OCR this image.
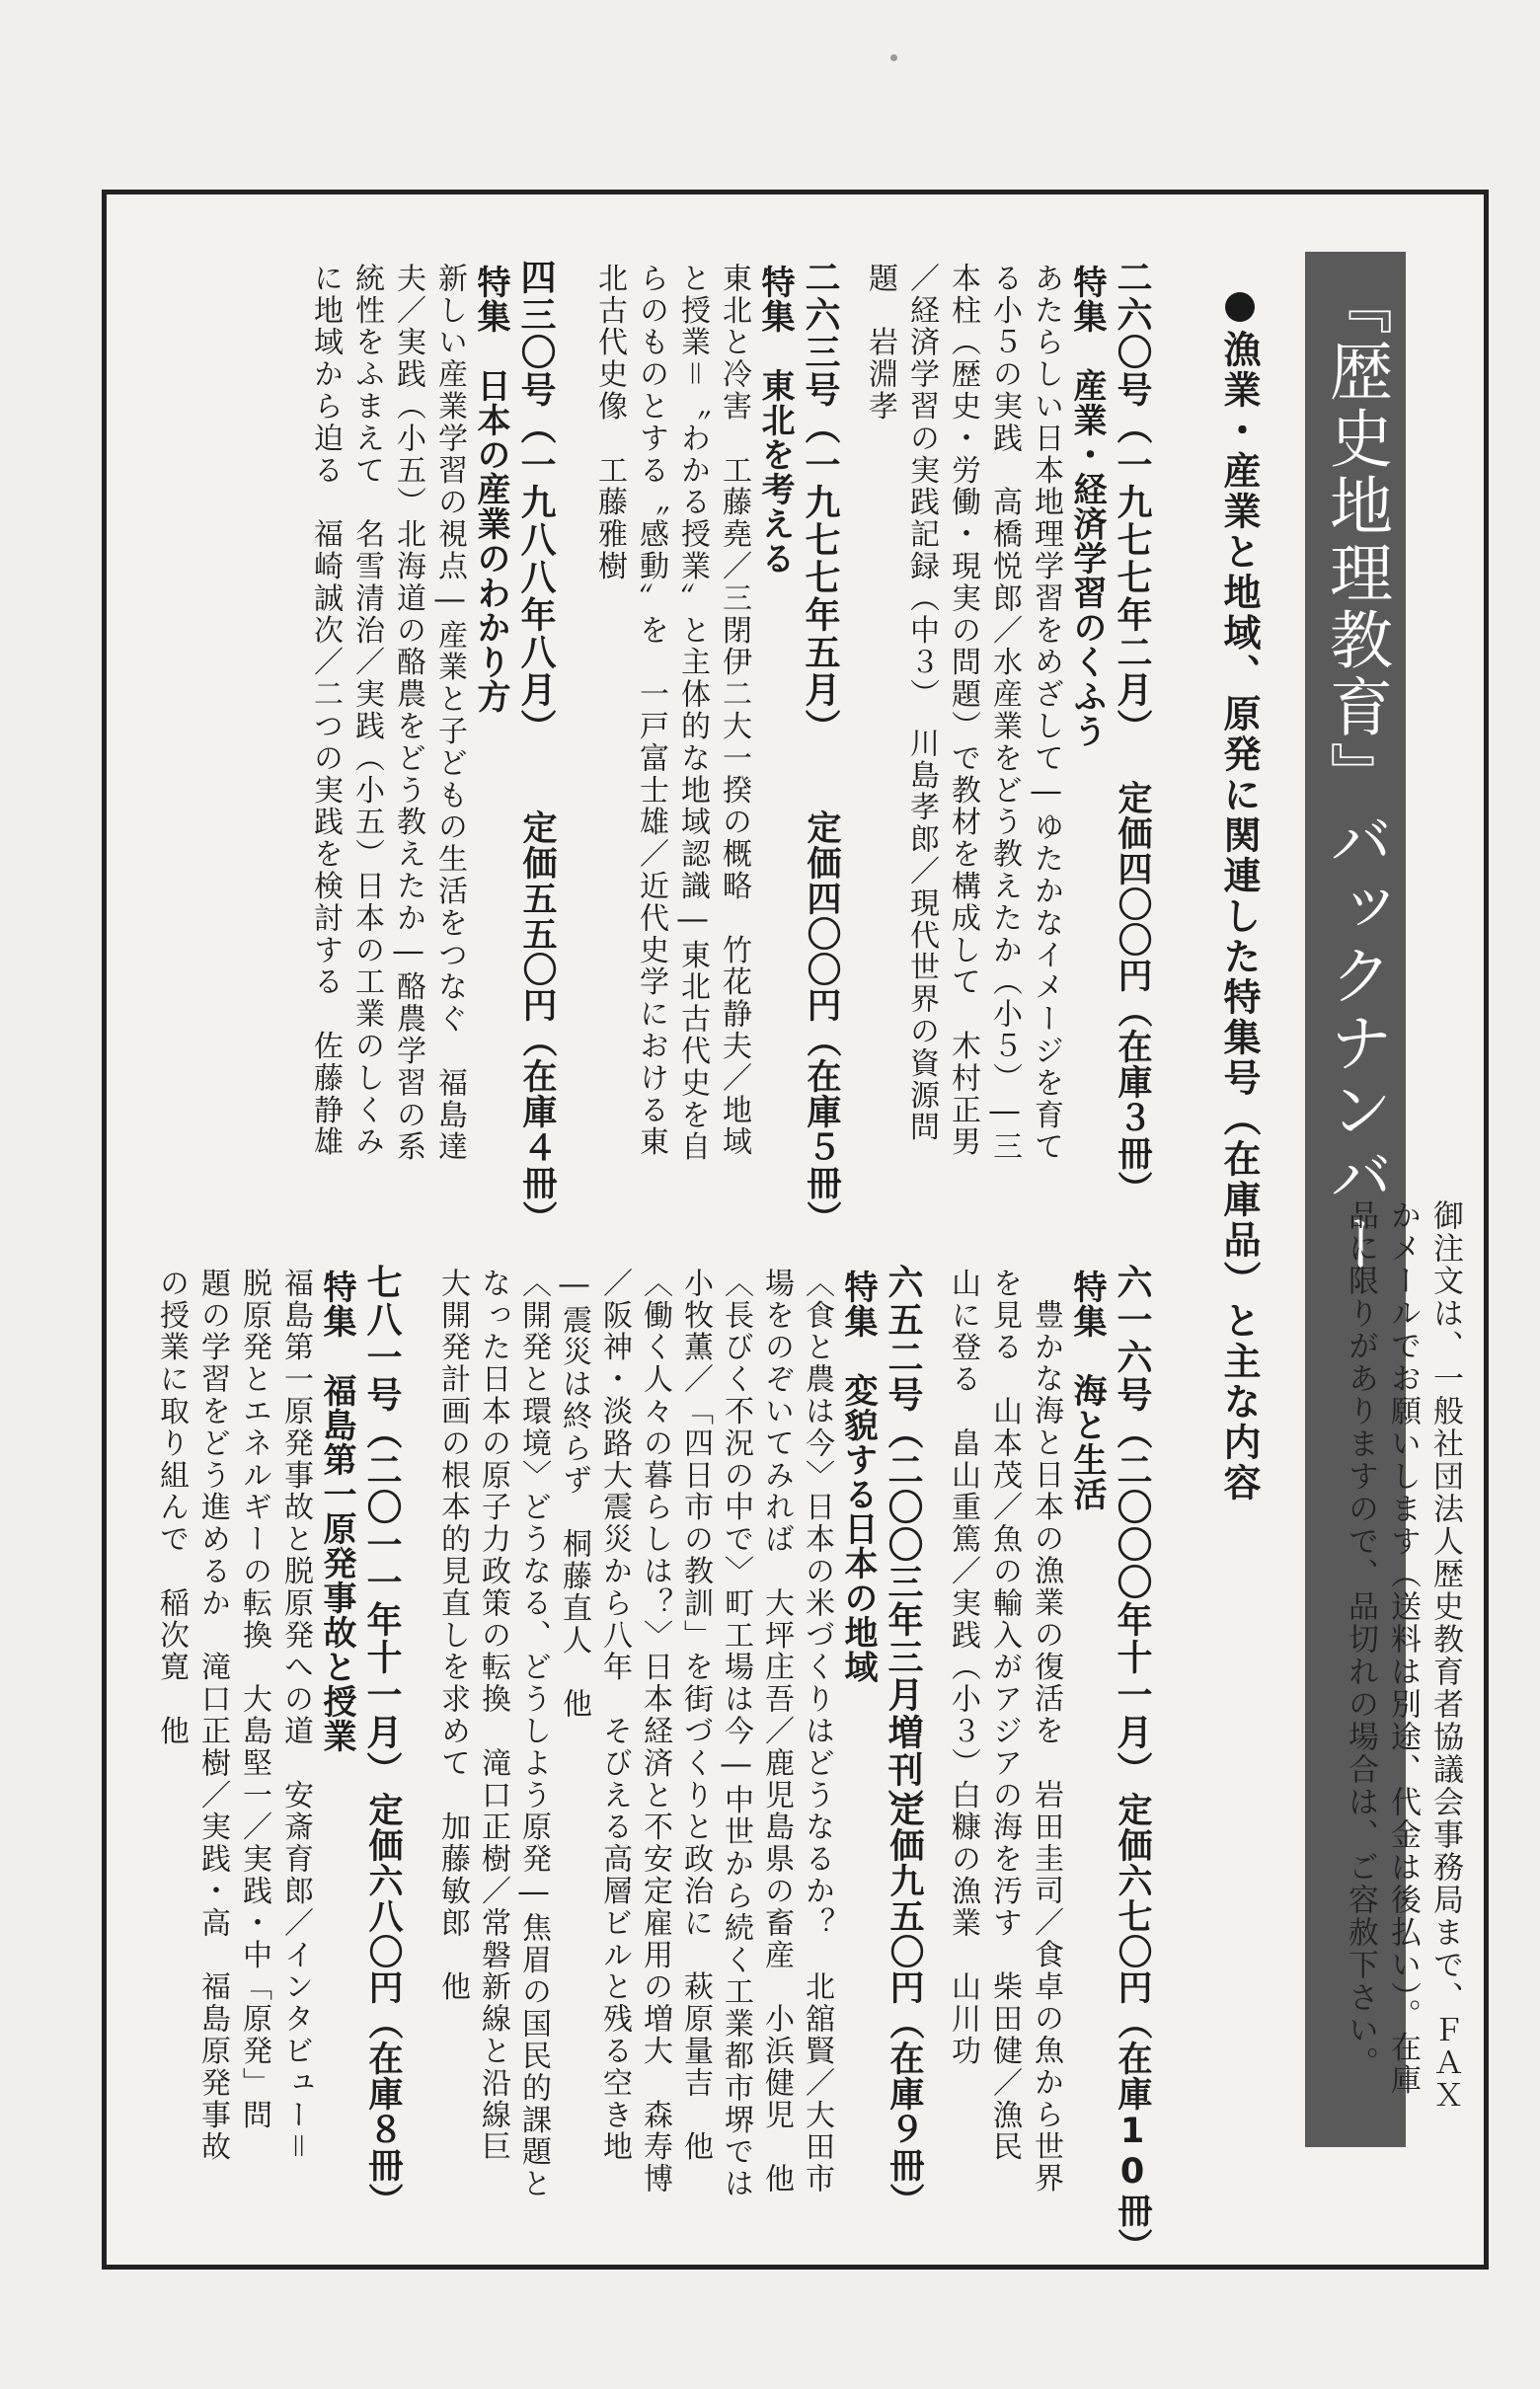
『歴史地理教育』バックナンバー
御注文は、一般社団法人歴史教育者協議会事務局まで、ＦＡＸ
かメールでお願いします（送料は別途、代金は後払い）。在庫
品に限りがありますので、品切れの場合は、ご容赦下さい。
漁業・産業と地域、原発に関連した特集号（在庫品）と主な内容
二六〇号（一九七七年二月）
定価四〇〇円（在庫３冊）
特集　産業・経済学習のくふう
あたらしい日本地理学習をめざして―ゆたかなイメージを育て
る小５の実践　高橋悦郎／水産業をどう教えたか（小５）―三
本柱（歴史・労働・現実の問題）で教材を構成して　木村正男
／経済学習の実践記録（中３）　川島孝郎／現代世界の資源問
題　岩淵孝
二六三号（一九七七年五月）
定価四〇〇円（在庫５冊）
特集　東北を考える
東北と冷害　工藤堯／三閉伊二大一揆の概略　竹花静夫／地域
と授業＝〝わかる授業〟と主体的な地域認識―東北古代史を自
らのものとする〝感動〟を　一戸富士雄／近代史学における東
北古代史像　工藤雅樹
四三〇号（一九八八年八月）
定価五五〇円（在庫４冊）
特集　日本の産業のわかり方
新しい産業学習の視点―産業と子どもの生活をつなぐ　福島達
夫／実践（小五）北海道の酪農をどう教えたか―酪農学習の系
統性をふまえて　名雪清治／実践（小五）日本の工業のしくみ
に地域から迫る　福崎誠次／二つの実践を検討する　佐藤静雄
六一六号（二〇〇〇年十一月）
定価六七〇円（在庫10冊）
特集　海と生活
豊かな海と日本の漁業の復活を　岩田圭司／食卓の魚から世界
を見る　山本茂／魚の輸入がアジアの海を汚す　柴田健／漁民
山に登る　畠山重篤／実践（小３）白糠の漁業　山川功
六五二号（二〇〇三年三月増刊）
定価九五〇円（在庫９冊）
特集　変貌する日本の地域
〈食と農は今〉日本の米づくりはどうなるか？　北舘賢／大田市
場をのぞいてみれば　大坪庄吾／鹿児島県の畜産　小浜健児　他
〈長びく不況の中で〉町工場は今―中世から続く工業都市堺では
小牧薫／「四日市の教訓」を街づくりと政治に　萩原量吉　他
〈働く人々の暮らしは？〉日本経済と不安定雇用の増大　森寿博
／阪神・淡路大震災から八年　そびえる高層ビルと残る空き地
―震災は終らず　桐藤直人　他
〈開発と環境〉どうなる、どうしよう原発―焦眉の国民的課題と
なった日本の原子力政策の転換　滝口正樹／常磐新線と沿線巨
大開発計画の根本的見直しを求めて　加藤敏郎　他
七八一号（二〇一一年十一月）
定価六八〇円（在庫８冊）
特集　福島第一原発事故と授業
福島第一原発事故と脱原発への道　安斎育郎／インタビュー＝
脱原発とエネルギーの転換　大島堅一／実践・中「原発」問
題の学習をどう進めるか　滝口正樹／実践・高　福島原発事故
の授業に取り組んで　稲次寛　他
